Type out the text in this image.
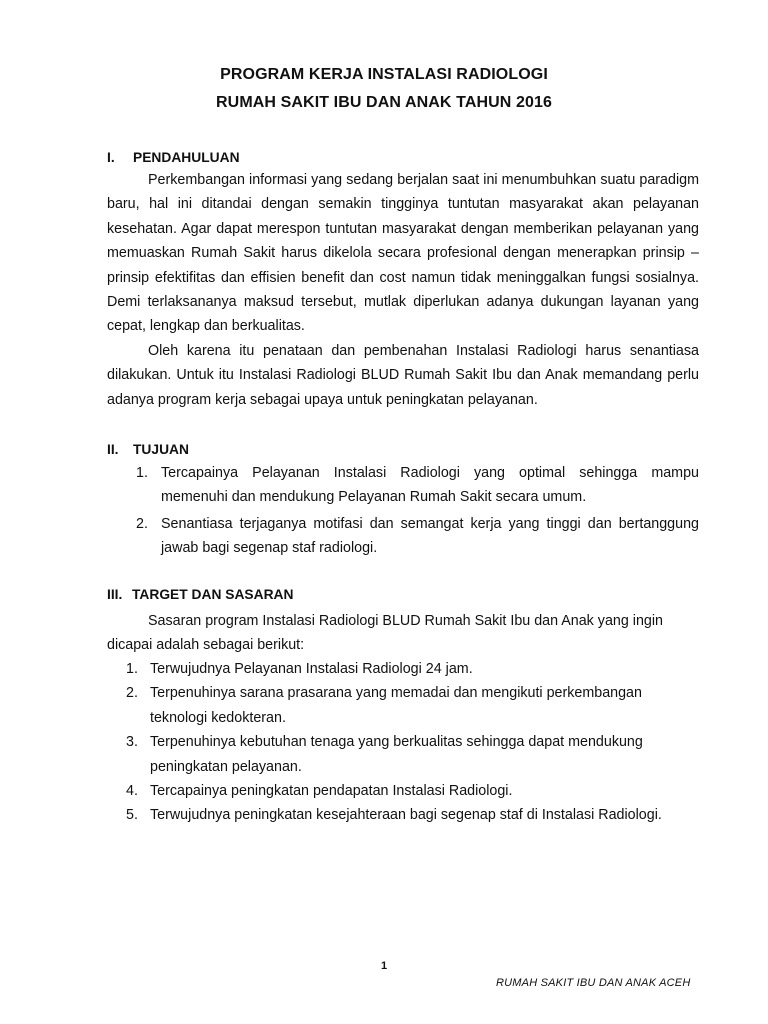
PROGRAM KERJA INSTALASI RADIOLOGI
RUMAH SAKIT IBU DAN ANAK TAHUN 2016
I. PENDAHULUAN

Perkembangan informasi yang sedang berjalan saat ini menumbuhkan suatu paradigm baru, hal ini ditandai dengan semakin tingginya tuntutan masyarakat akan pelayanan kesehatan. Agar dapat merespon tuntutan masyarakat dengan memberikan pelayanan yang memuaskan Rumah Sakit harus dikelola secara profesional dengan menerapkan prinsip – prinsip efektifitas dan effisien benefit dan cost namun tidak meninggalkan fungsi sosialnya. Demi terlaksananya maksud tersebut, mutlak diperlukan adanya dukungan layanan yang cepat, lengkap dan berkualitas.

Oleh karena itu penataan dan pembenahan Instalasi Radiologi harus senantiasa dilakukan. Untuk itu Instalasi Radiologi BLUD Rumah Sakit Ibu dan Anak memandang perlu adanya program kerja sebagai upaya untuk peningkatan pelayanan.

II. TUJUAN
1. Tercapainya Pelayanan Instalasi Radiologi yang optimal sehingga mampu memenuhi dan mendukung Pelayanan Rumah Sakit secara umum.
2. Senantiasa terjaganya motifasi dan semangat kerja yang tinggi dan bertanggung jawab bagi segenap staf radiologi.
III. TARGET DAN SASARAN

Sasaran program Instalasi Radiologi BLUD Rumah Sakit Ibu dan Anak yang ingin dicapai adalah sebagai berikut:

1. Terwujudnya Pelayanan Instalasi Radiologi 24 jam.
2. Terpenuhinya sarana prasarana yang memadai dan mengikuti perkembangan teknologi kedokteran.
3. Terpenuhinya kebutuhan tenaga yang berkualitas sehingga dapat mendukung peningkatan pelayanan.
4. Tercapainya peningkatan pendapatan Instalasi Radiologi.
5. Terwujudnya peningkatan kesejahteraan bagi segenap staf di Instalasi Radiologi.
1
RUMAH SAKIT IBU DAN ANAK ACEH
